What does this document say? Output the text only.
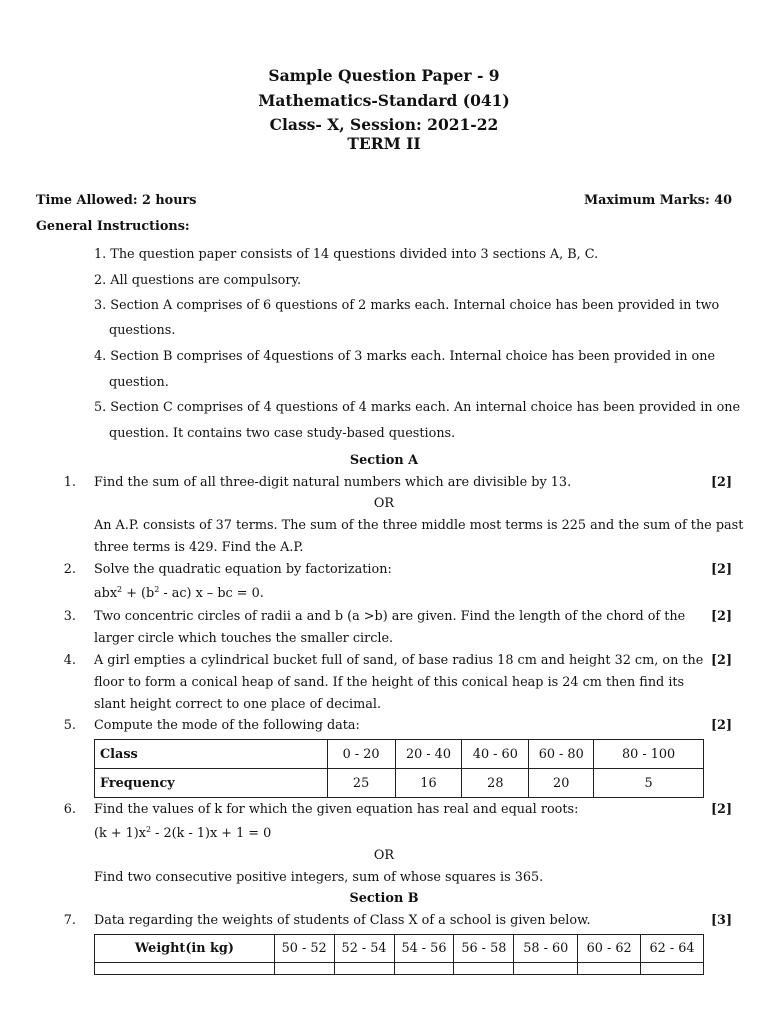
Sample Question Paper - 9
Mathematics-Standard (041)
Class- X, Session: 2021-22
TERM II
Time Allowed: 2 hours	Maximum Marks: 40
General Instructions:
1. The question paper consists of 14 questions divided into 3 sections A, B, C.
2. All questions are compulsory.
3. Section A comprises of 6 questions of 2 marks each. Internal choice has been provided in two
questions.
4. Section B comprises of 4questions of 3 marks each. Internal choice has been provided in one
question.
5. Section C comprises of 4 questions of 4 marks each. An internal choice has been provided in one
question. It contains two case study-based questions.
Section A
1. Find the sum of all three-digit natural numbers which are divisible by 13.	[2]
OR
An A.P. consists of 37 terms. The sum of the three middle most terms is 225 and the sum of the past
three terms is 429. Find the A.P.
2. Solve the quadratic equation by factorization:	[2]
$abx^2 + (b^2 - ac)$ x – bc = 0.
3. Two concentric circles of radii a and b (a >b) are given. Find the length of the chord of the [2]
larger circle which touches the smaller circle.
4. A girl empties a cylindrical bucket full of sand, of base radius 18 cm and height 32 cm, on the [2]
floor to form a conical heap of sand. If the height of this conical heap is 24 cm then find its
slant height correct to one place of decimal.
5. Compute the mode of the following data:	[2]
Class	0 - 20	20 - 40	40 - 60	60 - 80	80 - 100
Frequency	25	16	28	20	5
6. Find the values of k for which the given equation has real and equal roots:	[2]
$(k + 1)x^2 - 2(k - 1)x + 1 = 0$
OR
Find two consecutive positive integers, sum of whose squares is 365.
Section B
7. Data regarding the weights of students of Class X of a school is given below.	[3]
Weight(in kg)	50 - 52	52 - 54	54 - 56	56 - 58	58 - 60	60 - 62	62 - 64
